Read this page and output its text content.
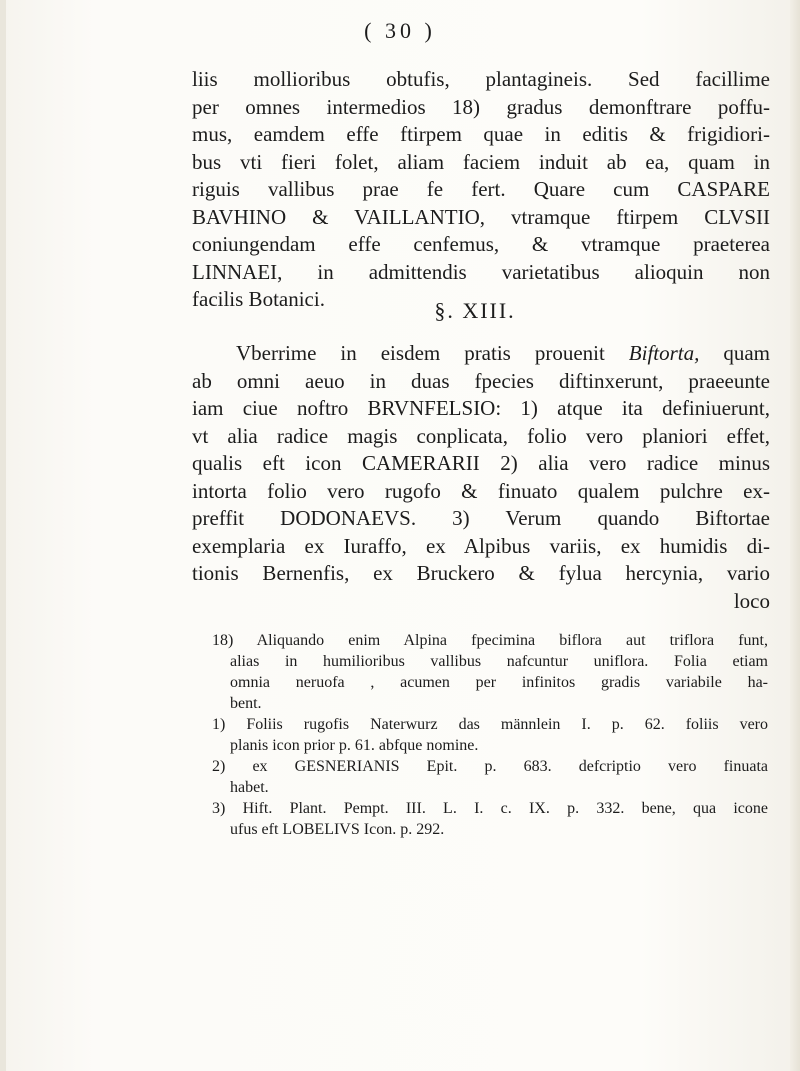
( 30 )
liis mollioribus obtufis, plantagineis. Sed facillime
per omnes intermedios 18) gradus demonftrare poffu-
mus, eamdem effe ftirpem quae in editis & frigidiori-
bus vti fieri folet, aliam faciem induit ab ea, quam in
riguis vallibus prae fe fert. Quare cum CASPARE
BAVHINO & VAILLANTIO, vtramque ftirpem CLVSII
coniungendam effe cenfemus, & vtramque praeterea
LINNAEI, in admittendis varietatibus alioquin non
facilis Botanici.	§. XIII.
Vberrime in eisdem pratis prouenit Biftorta, quam
ab omni aeuo in duas fpecies diftinxerunt, praeeunte
iam ciue noftro BRVNFELSIO: 1) atque ita definiuerunt,
vt alia radice magis conplicata, folio vero planiori effet,
qualis eft icon CAMERARII 2) alia vero radice minus
intorta folio vero rugofo & finuato qualem pulchre ex-
preffit DODONAEVS. 3) Verum quando Biftortae
exemplaria ex Iuraffo, ex Alpibus variis, ex humidis di-
tionis Bernenfis, ex Bruckero & fylua hercynia, vario
loco
18) Aliquando enim Alpina fpecimina biflora aut triflora funt,
alias in humilioribus vallibus nafcuntur uniflora. Folia etiam
omnia neruofa , acumen per infinitos gradis variabile ha-
bent.
1) Foliis rugofis Naterwurz das männlein I. p. 62. foliis vero
planis icon prior p. 61. abfque nomine.
2) ex GESNERIANIS Epit. p. 683. defcriptio vero finuata
habet.
3) Hift. Plant. Pempt. III. L. I. c. IX. p. 332. bene, qua icone
ufus eft LOBELIVS Icon. p. 292.
